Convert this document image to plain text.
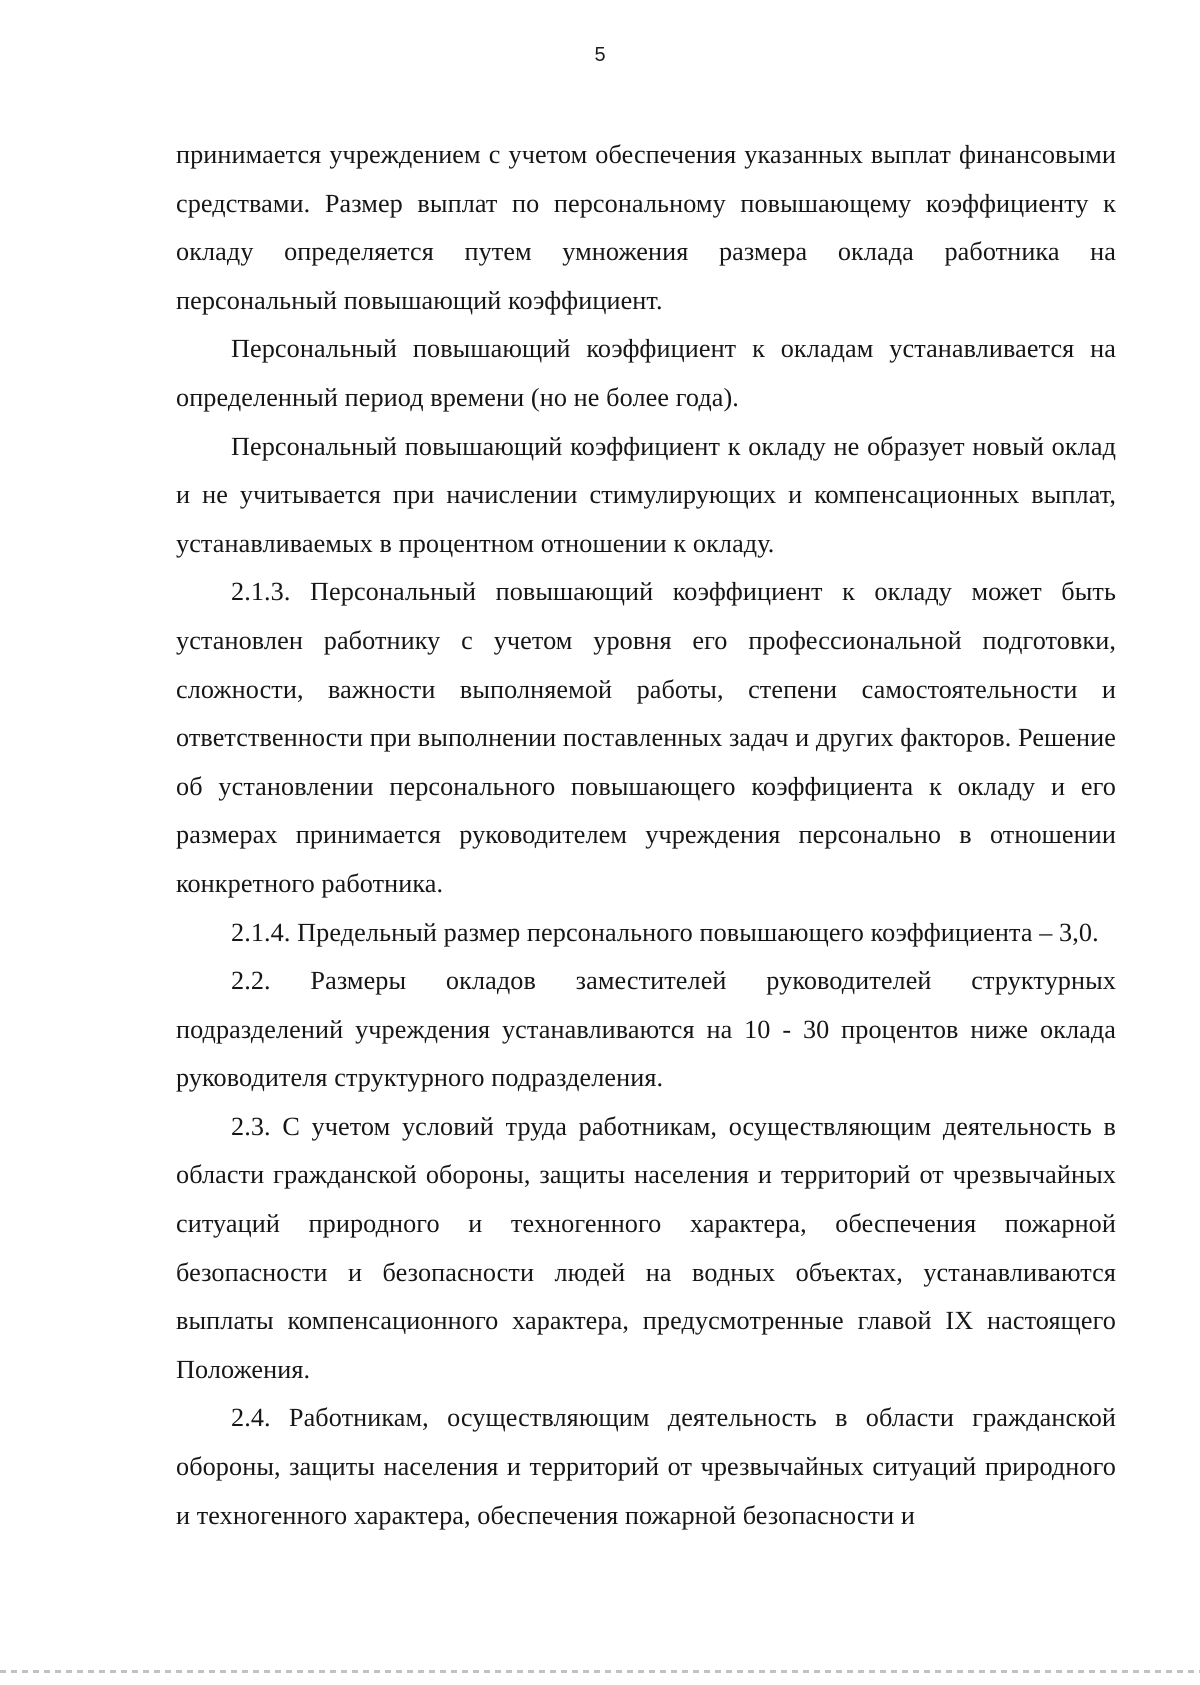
5

принимается учреждением с учетом обеспечения указанных выплат финансовыми средствами. Размер выплат по персональному повышающему коэффициенту к окладу определяется путем умножения размера оклада работника на персональный повышающий коэффициент.

Персональный повышающий коэффициент к окладам устанавливается на определенный период времени (но не более года).

Персональный повышающий коэффициент к окладу не образует новый оклад и не учитывается при начислении стимулирующих и компенсационных выплат, устанавливаемых в процентном отношении к окладу.

2.1.3. Персональный повышающий коэффициент к окладу может быть установлен работнику с учетом уровня его профессиональной подготовки, сложности, важности выполняемой работы, степени самостоятельности и ответственности при выполнении поставленных задач и других факторов. Решение об установлении персонального повышающего коэффициента к окладу и его размерах принимается руководителем учреждения персонально в отношении конкретного работника.

2.1.4. Предельный размер персонального повышающего коэффициента – 3,0.

2.2. Размеры окладов заместителей руководителей структурных подразделений учреждения устанавливаются на 10 - 30 процентов ниже оклада руководителя структурного подразделения.

2.3. С учетом условий труда работникам, осуществляющим деятельность в области гражданской обороны, защиты населения и территорий от чрезвычайных ситуаций природного и техногенного характера, обеспечения пожарной безопасности и безопасности людей на водных объектах, устанавливаются выплаты компенсационного характера, предусмотренные главой IX настоящего Положения.

2.4. Работникам, осуществляющим деятельность в области гражданской обороны, защиты населения и территорий от чрезвычайных ситуаций природного и техногенного характера, обеспечения пожарной безопасности и
